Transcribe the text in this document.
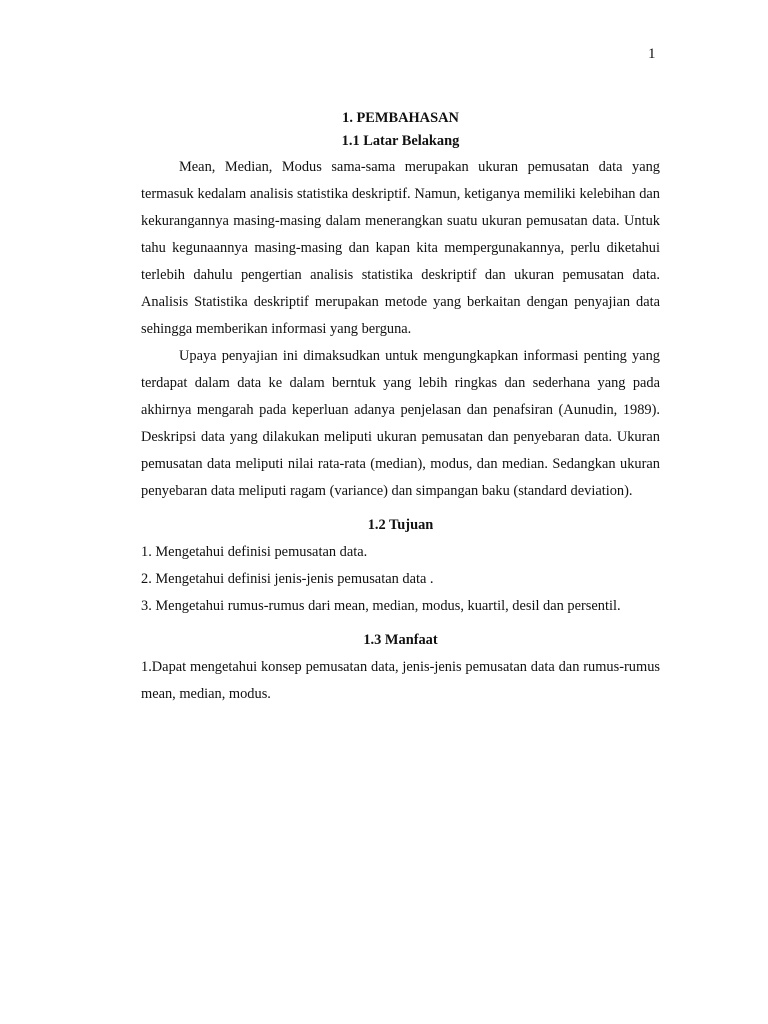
1
1. PEMBAHASAN
1.1 Latar Belakang

Mean, Median, Modus sama-sama merupakan ukuran pemusatan data yang termasuk kedalam analisis statistika deskriptif. Namun, ketiganya memiliki kelebihan dan kekurangannya masing-masing dalam menerangkan suatu ukuran pemusatan data. Untuk tahu kegunaannya masing-masing dan kapan kita mempergunakannya, perlu diketahui terlebih dahulu pengertian analisis statistika deskriptif dan ukuran pemusatan data. Analisis Statistika deskriptif merupakan metode yang berkaitan dengan penyajian data sehingga memberikan informasi yang berguna.

Upaya penyajian ini dimaksudkan untuk mengungkapkan informasi penting yang terdapat dalam data ke dalam berntuk yang lebih ringkas dan sederhana yang pada akhirnya mengarah pada keperluan adanya penjelasan dan penafsiran (Aunudin, 1989). Deskripsi data yang dilakukan meliputi ukuran pemusatan dan penyebaran data. Ukuran pemusatan data meliputi nilai rata-rata (median), modus, dan median. Sedangkan ukuran penyebaran data meliputi ragam (variance) dan simpangan baku (standard deviation).

1.2 Tujuan

1. Mengetahui definisi pemusatan data.

2. Mengetahui definisi jenis-jenis pemusatan data .

3. Mengetahui rumus-rumus dari mean, median, modus, kuartil, desil dan persentil.

1.3 Manfaat

1.Dapat mengetahui konsep pemusatan data, jenis-jenis pemusatan data dan rumus-rumus mean, median, modus.
